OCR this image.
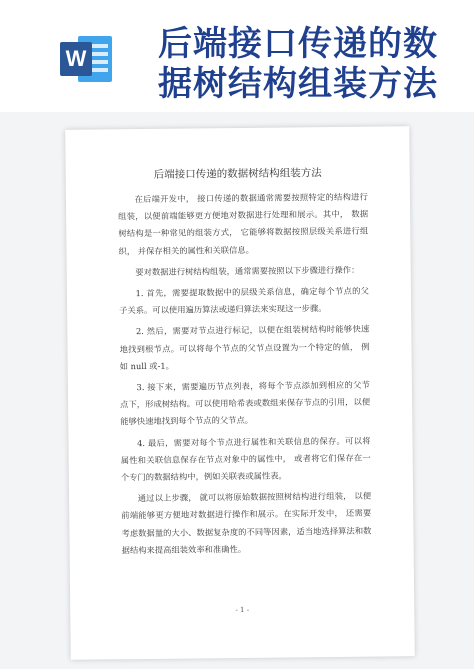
W 后端接口传递的数
据树结构组装方法
后端接口传递的数据树结构组装方法

在后端开发中， 接口传递的数据通常需要按照特定的结构进行组装，以便前端能够更方便地对数据进行处理和展示。其中， 数据树结构是一种常见的组装方式， 它能够将数据按照层级关系进行组织， 并保存相关的属性和关联信息。

要对数据进行树结构组装，通常需要按照以下步骤进行操作：

1. 首先，需要提取数据中的层级关系信息，确定每个节点的父子关系。可以使用遍历算法或递归算法来实现这一步骤。

2. 然后，需要对节点进行标记，以便在组装树结构时能够快速地找到根节点。可以将每个节点的父节点设置为一个特定的值， 例如 null 或-1。

3. 接下来，需要遍历节点列表，将每个节点添加到相应的父节点下，形成树结构。可以使用哈希表或数组来保存节点的引用，以便能够快速地找到每个节点的父节点。

4. 最后，需要对每个节点进行属性和关联信息的保存。可以将属性和关联信息保存在节点对象中的属性中， 或者将它们保存在一个专门的数据结构中，例如关联表或属性表。

通过以上步骤， 就可以将原始数据按照树结构进行组装， 以便前端能够更方便地对数据进行操作和展示。在实际开发中， 还需要考虑数据量的大小、数据复杂度的不同等因素，适当地选择算法和数据结构来提高组装效率和准确性。

- 1 -
